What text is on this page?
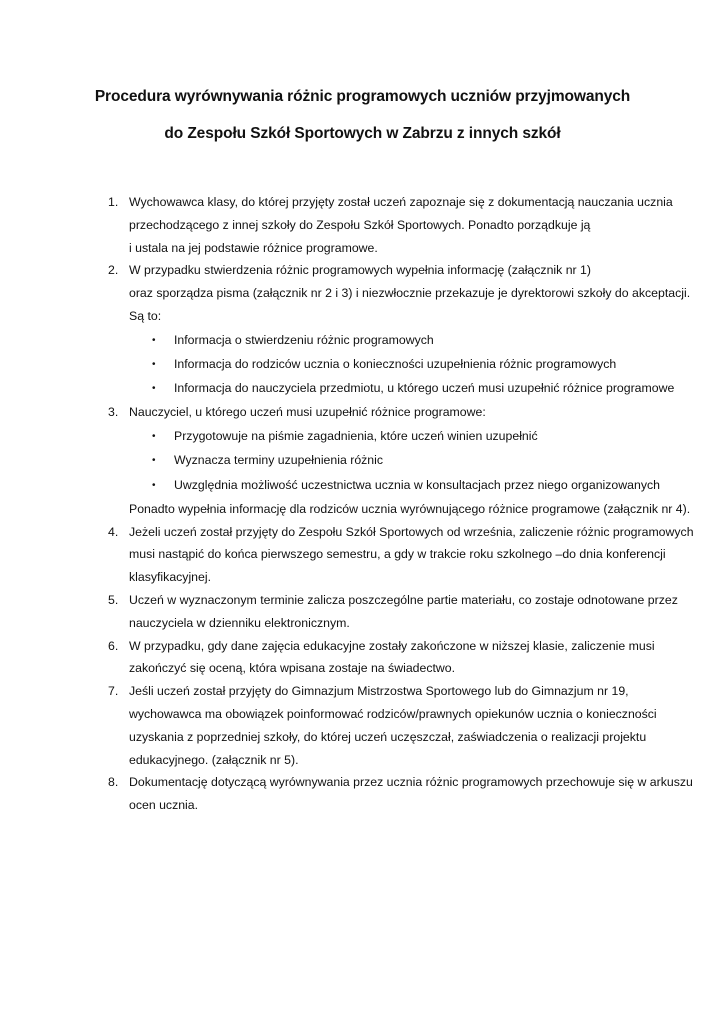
Procedura wyrównywania różnic programowych uczniów przyjmowanych
do Zespołu Szkół Sportowych w Zabrzu z innych szkół
1. Wychowawca klasy, do której przyjęty został uczeń zapoznaje się z dokumentacją nauczania ucznia
przechodzącego z innej szkoły do Zespołu Szkół Sportowych. Ponadto porządkuje ją
i ustala na jej podstawie różnice programowe.
2. W przypadku stwierdzenia różnic programowych wypełnia informację (załącznik nr 1)
oraz sporządza pisma (załącznik nr 2 i 3) i niezwłocznie przekazuje je dyrektorowi szkoły do akceptacji.
Są to:
• Informacja o stwierdzeniu różnic programowych
• Informacja do rodziców ucznia o konieczności uzupełnienia różnic programowych
• Informacja do nauczyciela przedmiotu, u którego uczeń musi uzupełnić różnice programowe
3. Nauczyciel, u którego uczeń musi uzupełnić różnice programowe:
• Przygotowuje na piśmie zagadnienia, które uczeń winien uzupełnić
• Wyznacza terminy uzupełnienia różnic
• Uwzględnia możliwość uczestnictwa ucznia w konsultacjach przez niego organizowanych
Ponadto wypełnia informację dla rodziców ucznia wyrównującego różnice programowe (załącznik nr 4).
4. Jeżeli uczeń został przyjęty do Zespołu Szkół Sportowych od września, zaliczenie różnic programowych
musi nastąpić do końca pierwszego semestru, a gdy w trakcie roku szkolnego –do dnia konferencji
klasyfikacyjnej.
5. Uczeń w wyznaczonym terminie zalicza poszczególne partie materiału, co zostaje odnotowane przez
nauczyciela w dzienniku elektronicznym.
6. W przypadku, gdy dane zajęcia edukacyjne zostały zakończone w niższej klasie, zaliczenie musi
zakończyć się oceną, która wpisana zostaje na świadectwo.
7. Jeśli uczeń został przyjęty do Gimnazjum Mistrzostwa Sportowego lub do Gimnazjum nr 19,
wychowawca ma obowiązek poinformować rodziców/prawnych opiekunów ucznia o konieczności
uzyskania z poprzedniej szkoły, do której uczeń uczęszczał, zaświadczenia o realizacji projektu
edukacyjnego. (załącznik nr 5).
8. Dokumentację dotyczącą wyrównywania przez ucznia różnic programowych przechowuje się w arkuszu
ocen ucznia.
